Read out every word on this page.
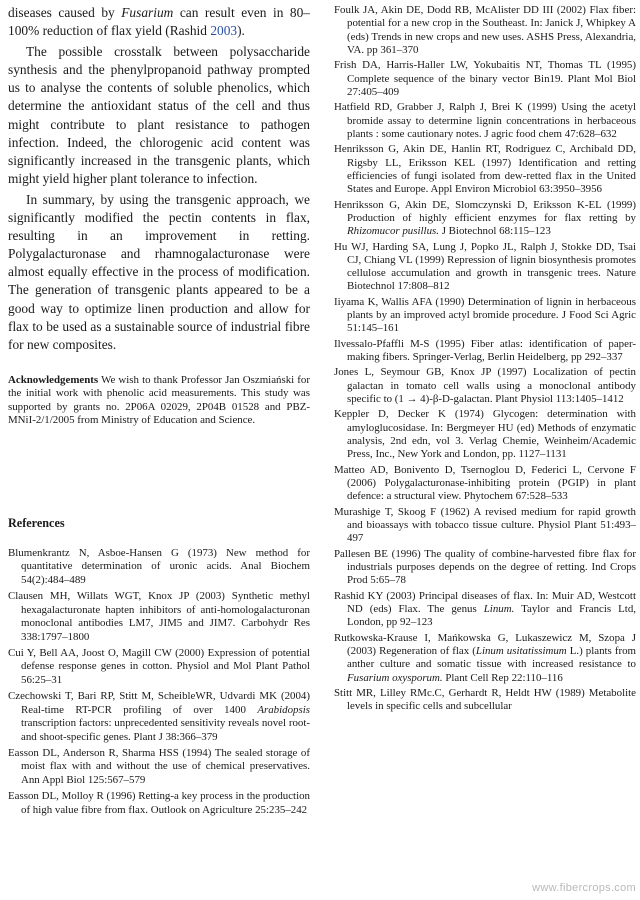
diseases caused by Fusarium can result even in 80–100% reduction of flax yield (Rashid 2003).

The possible crosstalk between polysaccharide synthesis and the phenylpropanoid pathway prompted us to analyse the contents of soluble phenolics, which determine the antioxidant status of the cell and thus might contribute to plant resistance to pathogen infection. Indeed, the chlorogenic acid content was significantly increased in the transgenic plants, which might yield higher plant tolerance to infection.

In summary, by using the transgenic approach, we significantly modified the pectin contents in flax, resulting in an improvement in retting. Polygalacturonase and rhamnogalacturonase were almost equally effective in the process of modification. The generation of transgenic plants appeared to be a good way to optimize linen production and allow for flax to be used as a sustainable source of industrial fibre for new composites.

Acknowledgements We wish to thank Professor Jan Oszmiański for the initial work with phenolic acid measurements. This study was supported by grants no. 2P06A 02029, 2P04B 01528 and PBZ-MNiI-2/1/2005 from Ministry of Education and Science.
References
Blumenkrantz N, Asboe-Hansen G (1973) New method for quantitative determination of uronic acids. Anal Biochem 54(2):484–489
Clausen MH, Willats WGT, Knox JP (2003) Synthetic methyl hexagalacturonate hapten inhibitors of anti-homologalacturonan monoclonal antibodies LM7, JIM5 and JIM7. Carbohydr Res 338:1797–1800
Cui Y, Bell AA, Joost O, Magill CW (2000) Expression of potential defense response genes in cotton. Physiol and Mol Plant Pathol 56:25–31
Czechowski T, Bari RP, Stitt M, ScheibleWR, Udvardi MK (2004) Real-time RT-PCR profiling of over 1400 Arabidopsis transcription factors: unprecedented sensitivity reveals novel root- and shoot-specific genes. Plant J 38:366–379
Easson DL, Anderson R, Sharma HSS (1994) The sealed storage of moist flax with and without the use of chemical preservatives. Ann Appl Biol 125:567–579
Easson DL, Molloy R (1996) Retting-a key process in the production of high value fibre from flax. Outlook on Agriculture 25:235–242
Foulk JA, Akin DE, Dodd RB, McAlister DD III (2002) Flax fiber: potential for a new crop in the Southeast. In: Janick J, Whipkey A (eds) Trends in new crops and new uses. ASHS Press, Alexandria, VA. pp 361–370
Frish DA, Harris-Haller LW, Yokubaitis NT, Thomas TL (1995) Complete sequence of the binary vector Bin19. Plant Mol Biol 27:405–409
Hatfield RD, Grabber J, Ralph J, Brei K (1999) Using the acetyl bromide assay to determine lignin concentrations in herbaceous plants : some cautionary notes. J agric food chem 47:628–632
Henriksson G, Akin DE, Hanlin RT, Rodriguez C, Archibald DD, Rigsby LL, Eriksson KEL (1997) Identification and retting efficiencies of fungi isolated from dew-retted flax in the United States and Europe. Appl Environ Microbiol 63:3950–3956
Henriksson G, Akin DE, Slomczynski D, Eriksson K-EL (1999) Production of highly efficient enzymes for flax retting by Rhizomucor pusillus. J Biotechnol 68:115–123
Hu WJ, Harding SA, Lung J, Popko JL, Ralph J, Stokke DD, Tsai CJ, Chiang VL (1999) Repression of lignin biosynthesis promotes cellulose accumulation and growth in transgenic trees. Nature Biotechnol 17:808–812
Iiyama K, Wallis AFA (1990) Determination of lignin in herbaceous plants by an improved actyl bromide procedure. J Food Sci Agric 51:145–161
Ilvessalo-Pfaffli M-S (1995) Fiber atlas: identification of paper-making fibers. Springer-Verlag, Berlin Heidelberg, pp 292–337
Jones L, Seymour GB, Knox JP (1997) Localization of pectin galactan in tomato cell walls using a monoclonal antibody specific to (1 → 4)-β-D-galactan. Plant Physiol 113:1405–1412
Keppler D, Decker K (1974) Glycogen: determination with amyloglucosidase. In: Bergmeyer HU (ed) Methods of enzymatic analysis, 2nd edn, vol 3. Verlag Chemie, Weinheim/Academic Press, Inc., New York and London, pp. 1127–1131
Matteo AD, Bonivento D, Tsernoglou D, Federici L, Cervone F (2006) Polygalacturonase-inhibiting protein (PGIP) in plant defence: a structural view. Phytochem 67:528–533
Murashige T, Skoog F (1962) A revised medium for rapid growth and bioassays with tobacco tissue culture. Physiol Plant 51:493–497
Pallesen BE (1996) The quality of combine-harvested fibre flax for industrials purposes depends on the degree of retting. Ind Crops Prod 5:65–78
Rashid KY (2003) Principal diseases of flax. In: Muir AD, Westcott ND (eds) Flax. The genus Linum. Taylor and Francis Ltd, London, pp 92–123
Rutkowska-Krause I, Mańkowska G, Lukaszewicz M, Szopa J (2003) Regeneration of flax (Linum usitatissimum L.) plants from anther culture and somatic tissue with increased resistance to Fusarium oxysporum. Plant Cell Rep 22:110–116
Stitt MR, Lilley RMc.C, Gerhardt R, Heldt HW (1989) Metabolite levels in specific cells and subcellular
www.fibercrops.com
